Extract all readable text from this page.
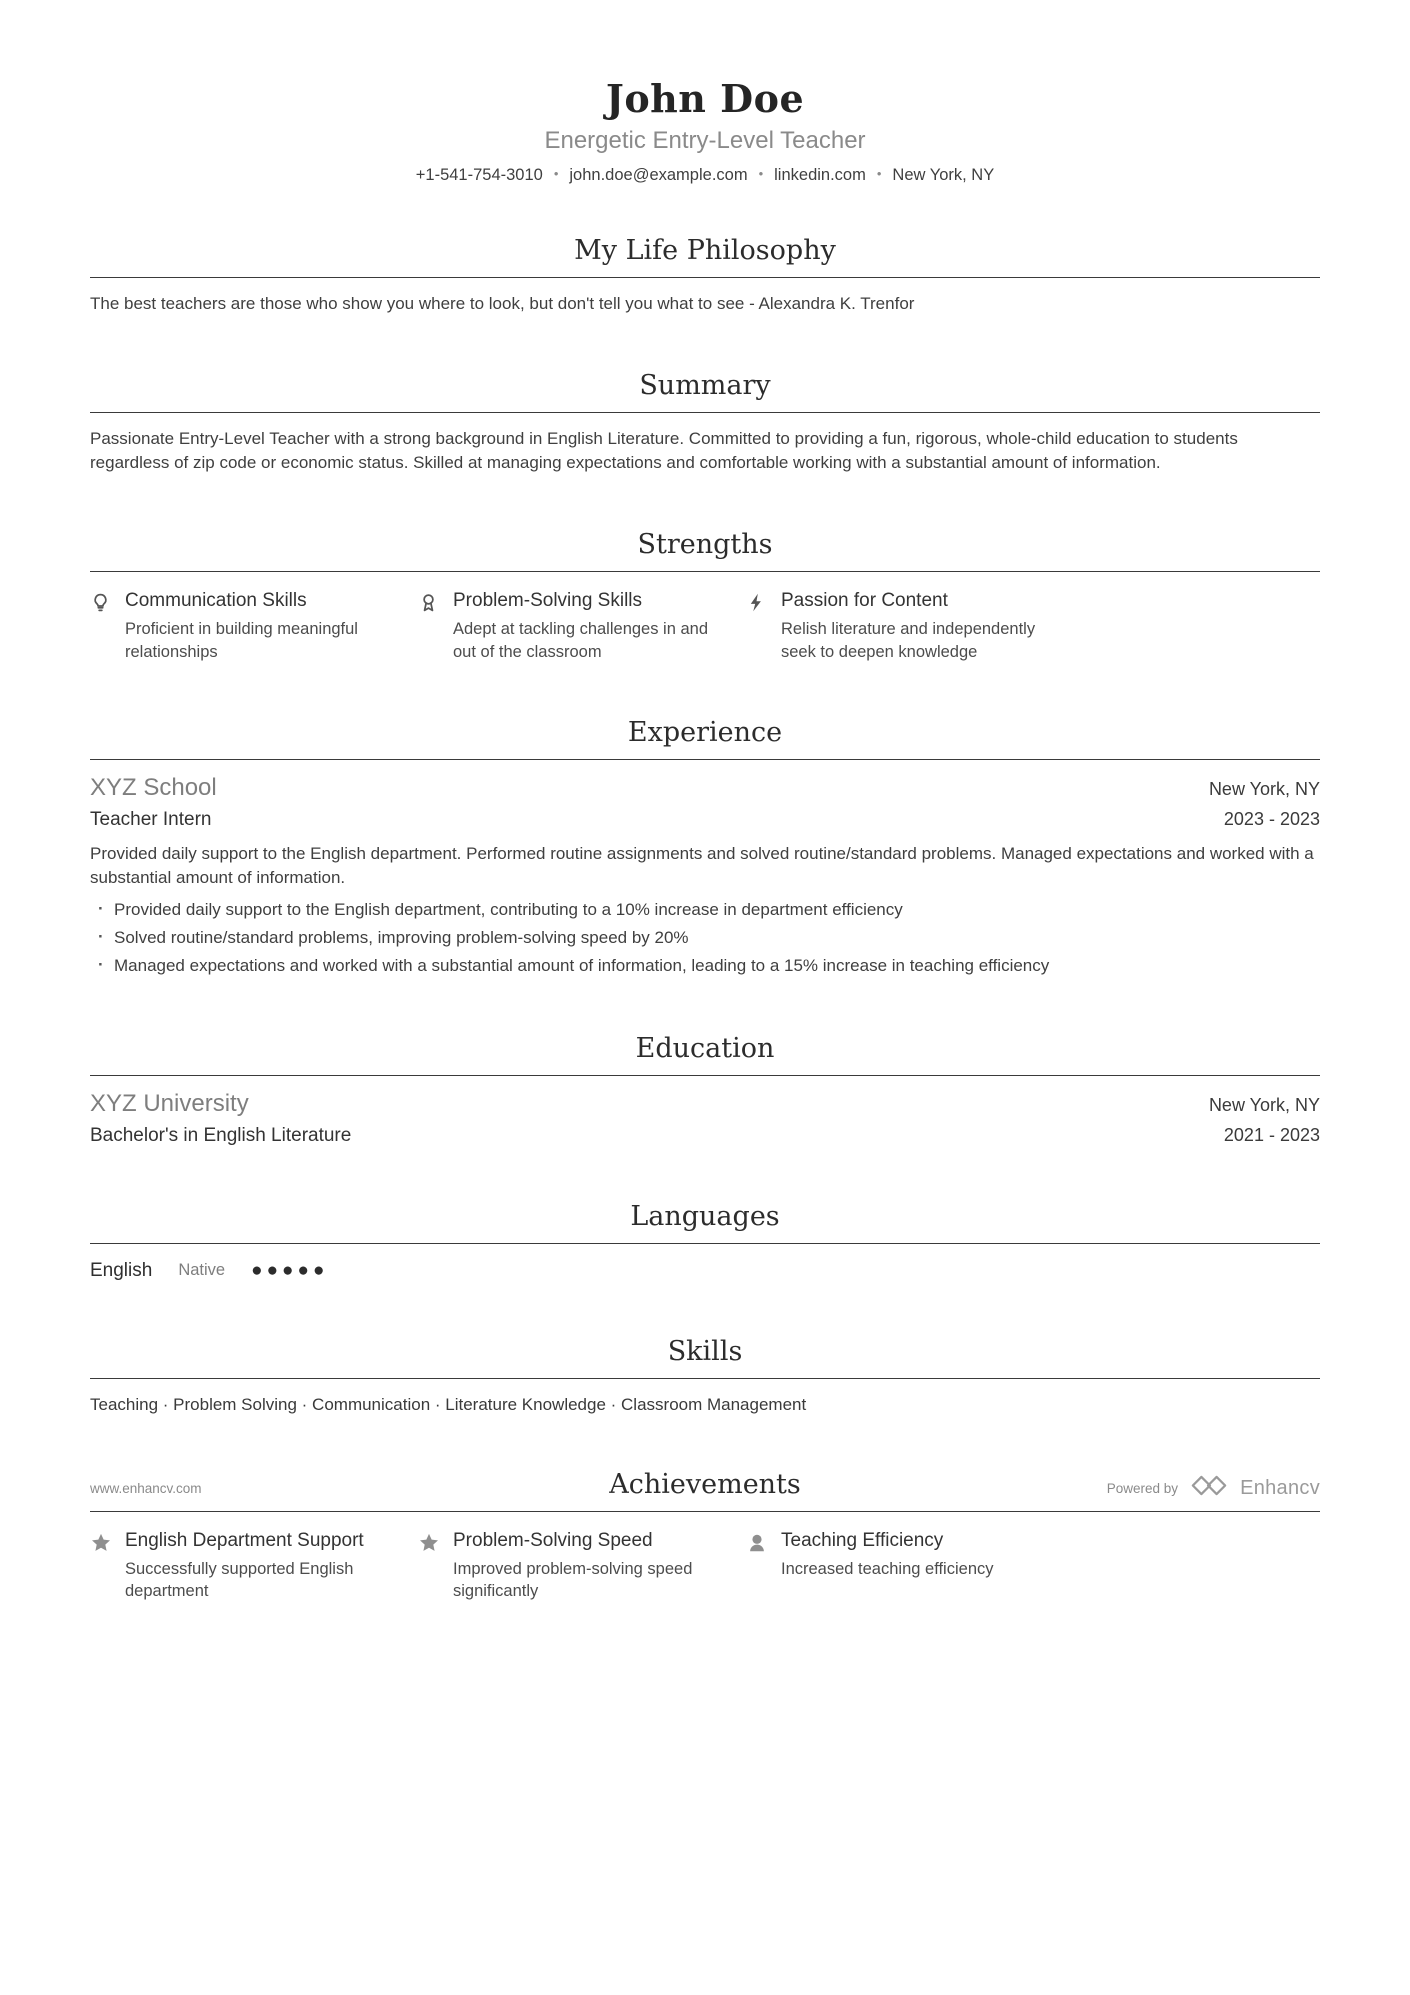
John Doe
Energetic Entry-Level Teacher
+1-541-754-3010 • john.doe@example.com • linkedin.com • New York, NY
My Life Philosophy

The best teachers are those who show you where to look, but don't tell you what to see - Alexandra K. Trenfor

Summary

Passionate Entry-Level Teacher with a strong background in English Literature. Committed to providing a fun, rigorous, whole-child education to students regardless of zip code or economic status. Skilled at managing expectations and comfortable working with a substantial amount of information.

Strengths
Communication Skills
Proficient in building meaningful relationships
Problem-Solving Skills
Adept at tackling challenges in and out of the classroom
Passion for Content
Relish literature and independently seek to deepen knowledge
Experience
XYZ School	New York, NY
Teacher Intern	2023 - 2023

Provided daily support to the English department. Performed routine assignments and solved routine/standard problems. Managed expectations and worked with a substantial amount of information.

· Provided daily support to the English department, contributing to a 10% increase in department efficiency
· Solved routine/standard problems, improving problem-solving speed by 20%
· Managed expectations and worked with a substantial amount of information, leading to a 15% increase in teaching efficiency
Education
XYZ University	New York, NY
Bachelor's in English Literature	2021 - 2023
Languages
English Native ●●●●●
Skills
Teaching · Problem Solving · Communication · Literature Knowledge · Classroom Management
Achievements
English Department Support
Successfully supported English department
Problem-Solving Speed
Improved problem-solving speed significantly
Teaching Efficiency
Increased teaching efficiency
www.enhancv.com	Powered by	Enhancv
